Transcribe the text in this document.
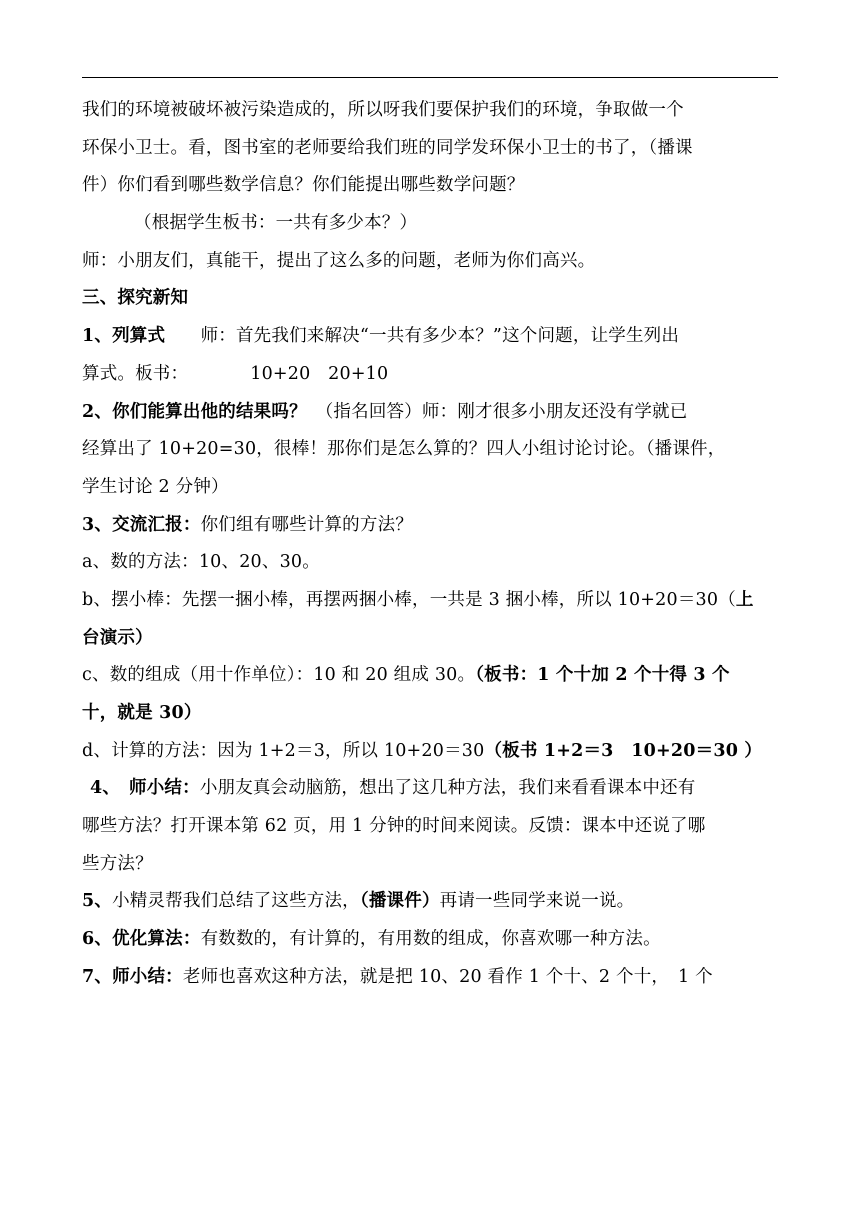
我们的环境被破坏被污染造成的，所以呀我们要保护我们的环境，争取做一个
环保小卫士。看，图书室的老师要给我们班的同学发环保小卫士的书了，（播课
件）你们看到哪些数学信息？你们能提出哪些数学问题？
（根据学生板书：一共有多少本？）
师：小朋友们，真能干，提出了这么多的问题，老师为你们高兴。
三、探究新知
1、列算式　　师：首先我们来解决“一共有多少本？”这个问题，让学生列出
算式。板书：　　　　10+20　20+10
2、你们能算出他的结果吗？　（指名回答）师：刚才很多小朋友还没有学就已
经算出了 10+20=30，很棒！那你们是怎么算的？四人小组讨论讨论。（播课件，
学生讨论 2 分钟）
3、交流汇报：你们组有哪些计算的方法？
a、数的方法：10、20、30。
b、摆小棒：先摆一捆小棒，再摆两捆小棒，一共是 3 捆小棒，所以 10+20＝30（上
台演示）
c、数的组成（用十作单位）：10 和 20 组成 30。（板书：1 个十加 2 个十得 3 个
十，就是 30）
d、计算的方法：因为 1+2＝3，所以 10+20＝30（板书 1+2＝3　10+20＝30 ）
4、　师小结：小朋友真会动脑筋，想出了这几种方法，我们来看看课本中还有
哪些方法？打开课本第 62 页，用 1 分钟的时间来阅读。反馈：课本中还说了哪
些方法？
5、小精灵帮我们总结了这些方法，（播课件）再请一些同学来说一说。
6、优化算法：有数数的，有计算的，有用数的组成，你喜欢哪一种方法。
7、师小结：老师也喜欢这种方法，就是把 10、20 看作 1 个十、2 个十，　1 个
